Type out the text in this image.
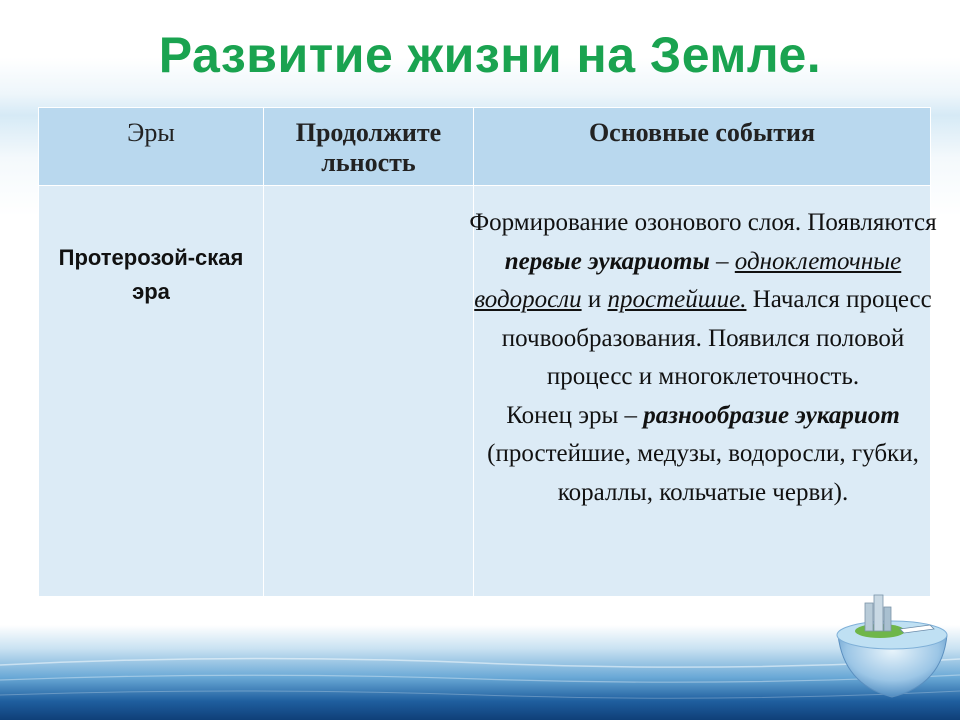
Развитие жизни на Земле.
Эры	Продолжите льность	Основные события

Протерозой-ская эра		Формирование озонового слоя. Появляются первые эукариоты – одноклеточные водоросли и простейшие. Начался процесс почвообразования. Появился половой процесс и многоклеточность.
Конец эры – разнообразие эукариот (простейшие, медузы, водоросли, губки, кораллы, кольчатые черви).
